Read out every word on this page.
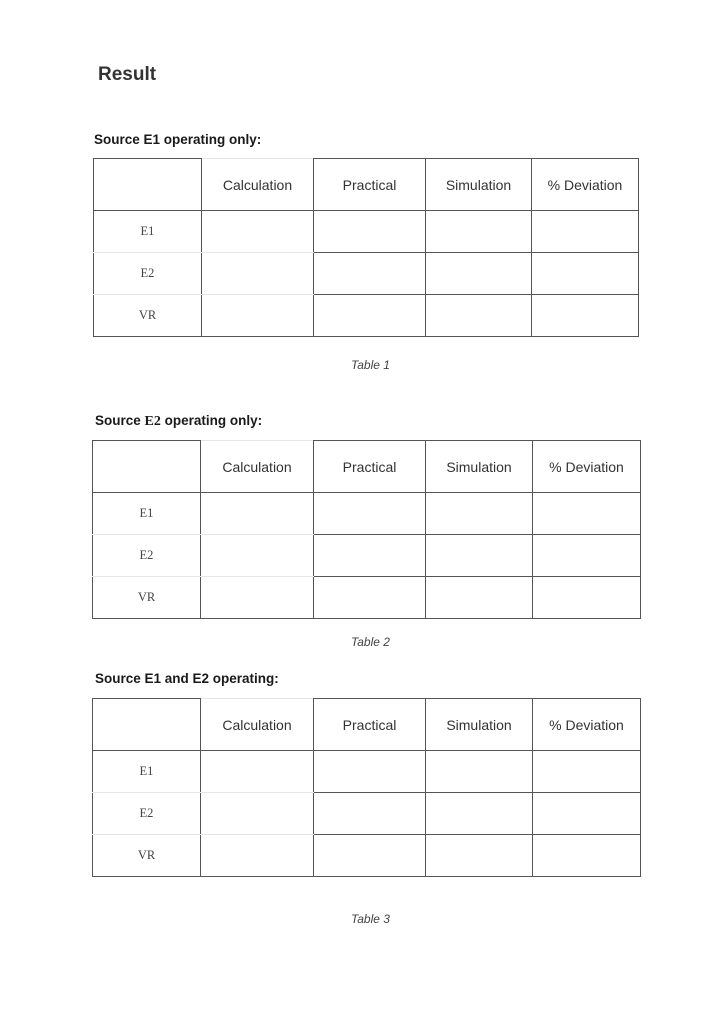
Result
Source E1 operating only:
	Calculation	Practical	Simulation	% Deviation
E1				
E2				
VR				
Table 1
Source E2 operating only:
	Calculation	Practical	Simulation	% Deviation
E1				
E2				
VR				
Table 2
Source E1 and E2 operating:
	Calculation	Practical	Simulation	% Deviation
E1				
E2				
VR				
Table 3
